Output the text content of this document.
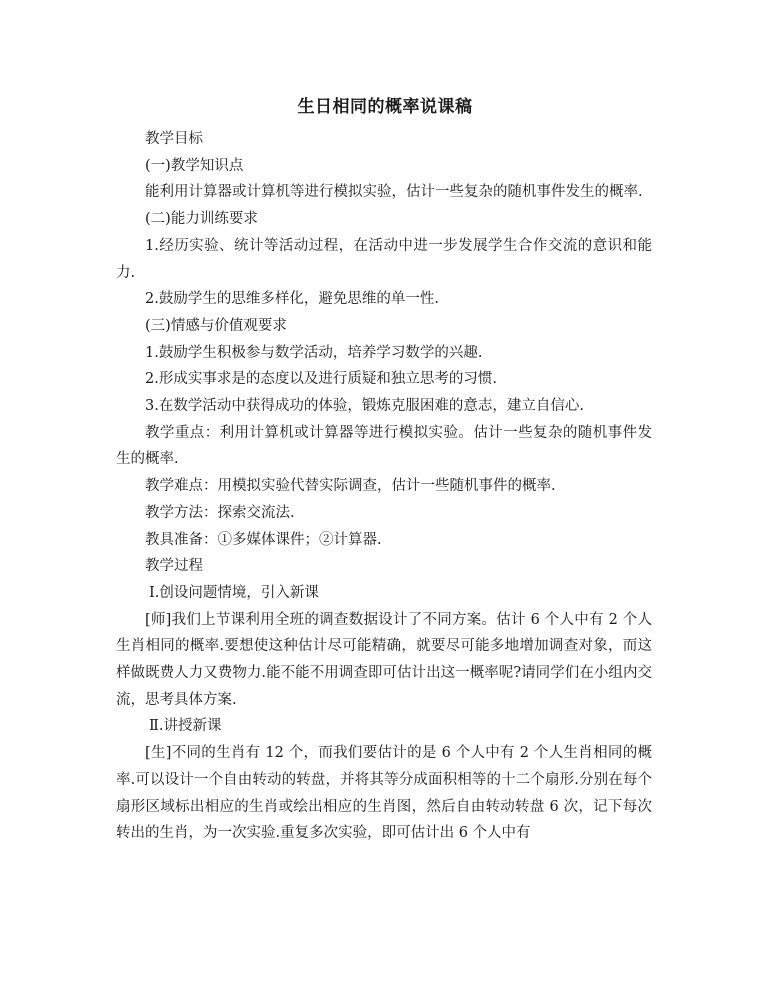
生日相同的概率说课稿

教学目标

(一)教学知识点

能利用计算器或计算机等进行模拟实验，估计一些复杂的随机事件发生的概率.

(二)能力训练要求

1.经历实验、统计等活动过程，在活动中进一步发展学生合作交流的意识和能力.

2.鼓励学生的思维多样化，避免思维的单一性.

(三)情感与价值观要求

1.鼓励学生积极参与数学活动，培养学习数学的兴趣.

2.形成实事求是的态度以及进行质疑和独立思考的习惯.

3.在数学活动中获得成功的体验，锻炼克服困难的意志，建立自信心.

教学重点：利用计算机或计算器等进行模拟实验。估计一些复杂的随机事件发生的概率.

教学难点：用模拟实验代替实际调查，估计一些随机事件的概率.

教学方法：探索交流法.

教具准备：①多媒体课件；②计算器.

教学过程

Ⅰ.创设问题情境，引入新课

[师]我们上节课利用全班的调查数据设计了不同方案。估计 6 个人中有 2 个人生肖相同的概率.要想使这种估计尽可能精确，就要尽可能多地增加调查对象，而这样做既费人力又费物力.能不能不用调查即可估计出这一概率呢?请同学们在小组内交流，思考具体方案.

Ⅱ.讲授新课

[生]不同的生肖有 12 个，而我们要估计的是 6 个人中有 2 个人生肖相同的概率.可以设计一个自由转动的转盘，并将其等分成面积相等的十二个扇形.分别在每个扇形区域标出相应的生肖或绘出相应的生肖图，然后自由转动转盘 6 次，记下每次转出的生肖，为一次实验.重复多次实验，即可估计出 6 个人中有
